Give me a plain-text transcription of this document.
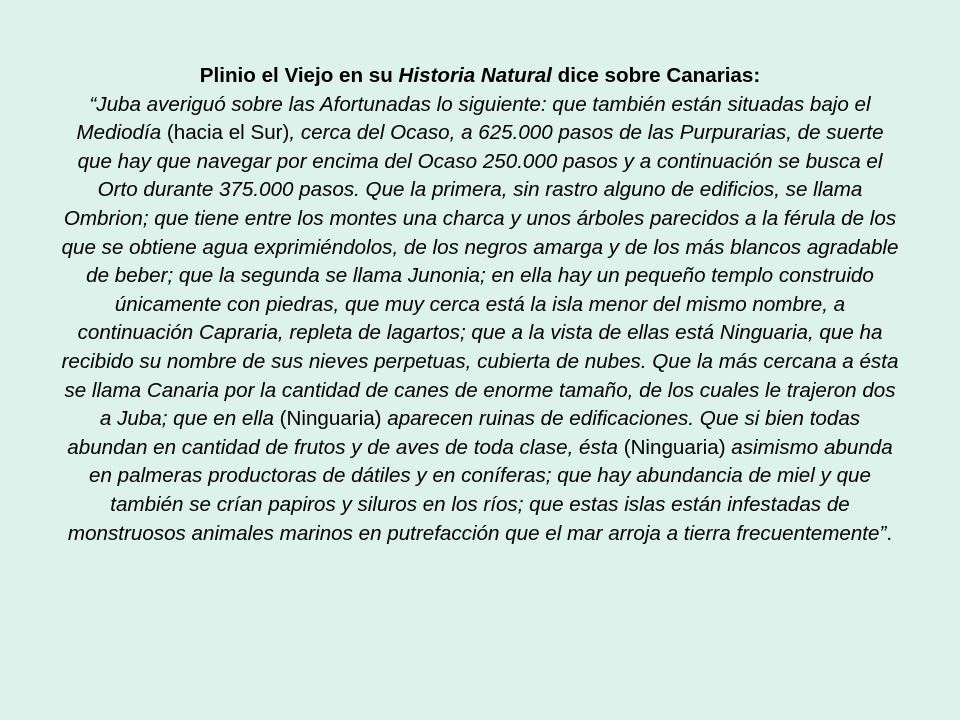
Plinio el Viejo en su Historia Natural dice sobre Canarias:

“Juba averiguó sobre las Afortunadas lo siguiente: que también están situadas bajo el Mediodía (hacia el Sur), cerca del Ocaso, a 625.000 pasos de las Purpurarias, de suerte que hay que navegar por encima del Ocaso 250.000 pasos y a continuación se busca el Orto durante 375.000 pasos. Que la primera, sin rastro alguno de edificios, se llama Ombrion; que tiene entre los montes una charca y unos árboles parecidos a la férula de los que se obtiene agua exprimiéndolos, de los negros amarga y de los más blancos agradable de beber; que la segunda se llama Junonia; en ella hay un pequeño templo construido únicamente con piedras, que muy cerca está la isla menor del mismo nombre, a continuación Capraria, repleta de lagartos; que a la vista de ellas está Ninguaria, que ha recibido su nombre de sus nieves perpetuas, cubierta de nubes. Que la más cercana a ésta se llama Canaria por la cantidad de canes de enorme tamaño, de los cuales le trajeron dos a Juba; que en ella (Ninguaria) aparecen ruinas de edificaciones. Que si bien todas abundan en cantidad de frutos y de aves de toda clase, ésta (Ninguaria) asimismo abunda en palmeras productoras de dátiles y en coníferas; que hay abundancia de miel y que también se crían papiros y siluros en los ríos; que estas islas están infestadas de monstruosos animales marinos en putrefacción que el mar arroja a tierra frecuentemente”.
